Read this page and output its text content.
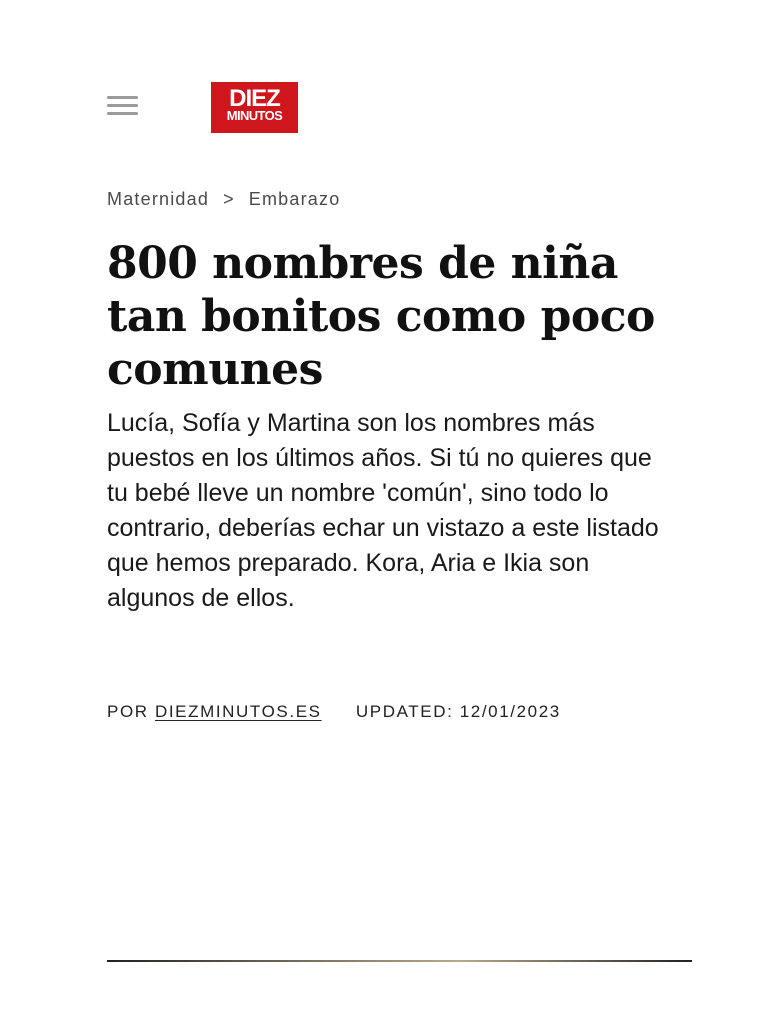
DIEZ
MINUTOS
Maternidad > Embarazo
800 nombres de niña tan bonitos como poco comunes

Lucía, Sofía y Martina son los nombres más puestos en los últimos años. Si tú no quieres que tu bebé lleve un nombre 'común', sino todo lo contrario, deberías echar un vistazo a este listado que hemos preparado. Kora, Aria e Ikia son algunos de ellos.

POR DIEZMINUTOS.ES UPDATED: 12/01/2023
